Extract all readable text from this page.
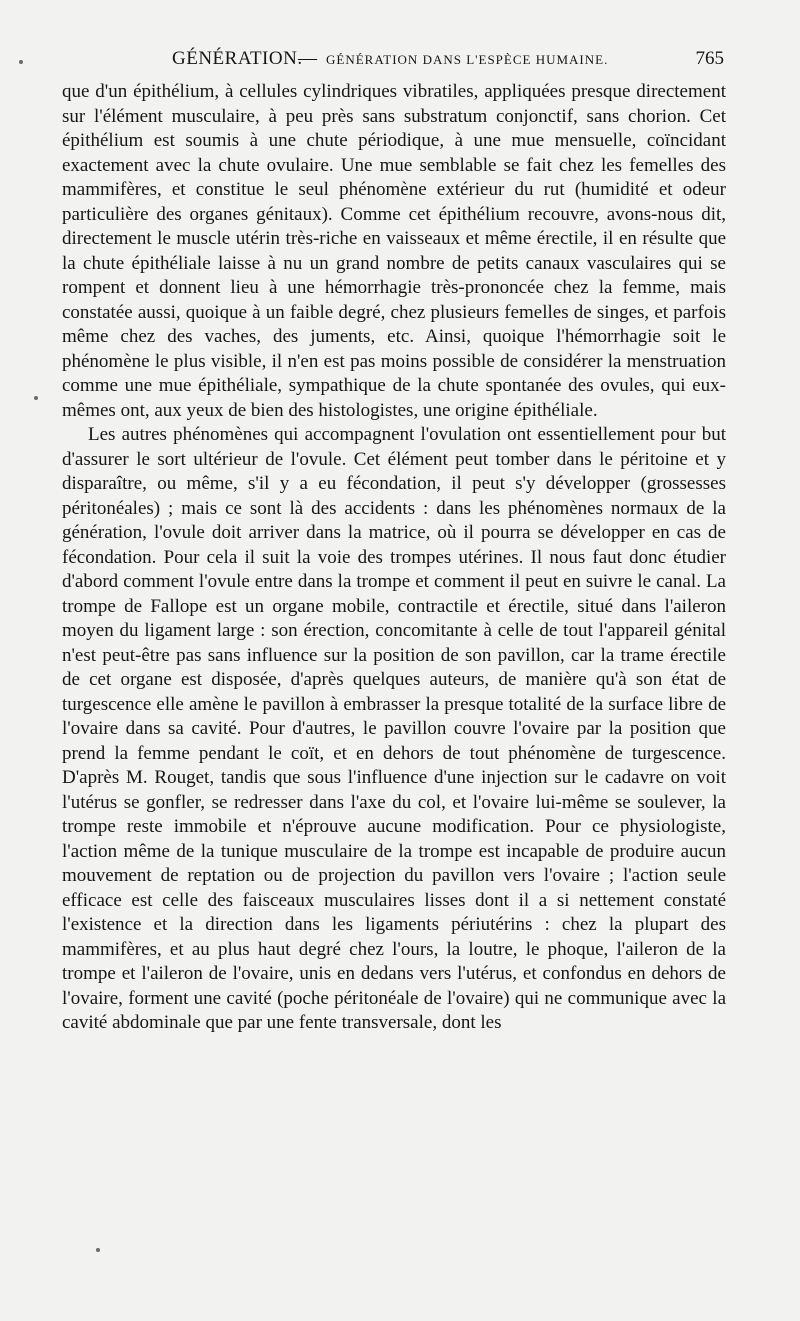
GÉNÉRATION.
— GÉNÉRATION DANS L'ESPÈCE HUMAINE.	765

que d'un épithélium, à cellules cylindriques vibratiles, appliquées presque directement sur l'élément musculaire, à peu près sans substratum conjonctif, sans chorion. Cet épithélium est soumis à une chute périodique, à une mue mensuelle, coïncidant exactement avec la chute ovulaire. Une mue semblable se fait chez les femelles des mammifères, et constitue le seul phénomène extérieur du rut (humidité et odeur particulière des organes génitaux). Comme cet épithélium recouvre, avons-nous dit, directement le muscle utérin très-riche en vaisseaux et même érectile, il en résulte que la chute épithéliale laisse à nu un grand nombre de petits canaux vasculaires qui se rompent et donnent lieu à une hémorrhagie très-prononcée chez la femme, mais constatée aussi, quoique à un faible degré, chez plusieurs femelles de singes, et parfois même chez des vaches, des juments, etc. Ainsi, quoique l'hémorrhagie soit le phénomène le plus visible, il n'en est pas moins possible de considérer la menstruation comme une mue épithéliale, sympathique de la chute spontanée des ovules, qui eux-mêmes ont, aux yeux de bien des histologistes, une origine épithéliale.

Les autres phénomènes qui accompagnent l'ovulation ont essentiellement pour but d'assurer le sort ultérieur de l'ovule. Cet élément peut tomber dans le péritoine et y disparaître, ou même, s'il y a eu fécondation, il peut s'y développer (grossesses péritonéales) ; mais ce sont là des accidents : dans les phénomènes normaux de la génération, l'ovule doit arriver dans la matrice, où il pourra se développer en cas de fécondation. Pour cela il suit la voie des trompes utérines. Il nous faut donc étudier d'abord comment l'ovule entre dans la trompe et comment il peut en suivre le canal. La trompe de Fallope est un organe mobile, contractile et érectile, situé dans l'aileron moyen du ligament large : son érection, concomitante à celle de tout l'appareil génital n'est peut-être pas sans influence sur la position de son pavillon, car la trame érectile de cet organe est disposée, d'après quelques auteurs, de manière qu'à son état de turgescence elle amène le pavillon à embrasser la presque totalité de la surface libre de l'ovaire dans sa cavité. Pour d'autres, le pavillon couvre l'ovaire par la position que prend la femme pendant le coït, et en dehors de tout phénomène de turgescence. D'après M. Rouget, tandis que sous l'influence d'une injection sur le cadavre on voit l'utérus se gonfler, se redresser dans l'axe du col, et l'ovaire lui-même se soulever, la trompe reste immobile et n'éprouve aucune modification. Pour ce physiologiste, l'action même de la tunique musculaire de la trompe est incapable de produire aucun mouvement de reptation ou de projection du pavillon vers l'ovaire ; l'action seule efficace est celle des faisceaux musculaires lisses dont il a si nettement constaté l'existence et la direction dans les ligaments périutérins : chez la plupart des mammifères, et au plus haut degré chez l'ours, la loutre, le phoque, l'aileron de la trompe et l'aileron de l'ovaire, unis en dedans vers l'utérus, et confondus en dehors de l'ovaire, forment une cavité (poche péritonéale de l'ovaire) qui ne communique avec la cavité abdominale que par une fente transversale, dont les
